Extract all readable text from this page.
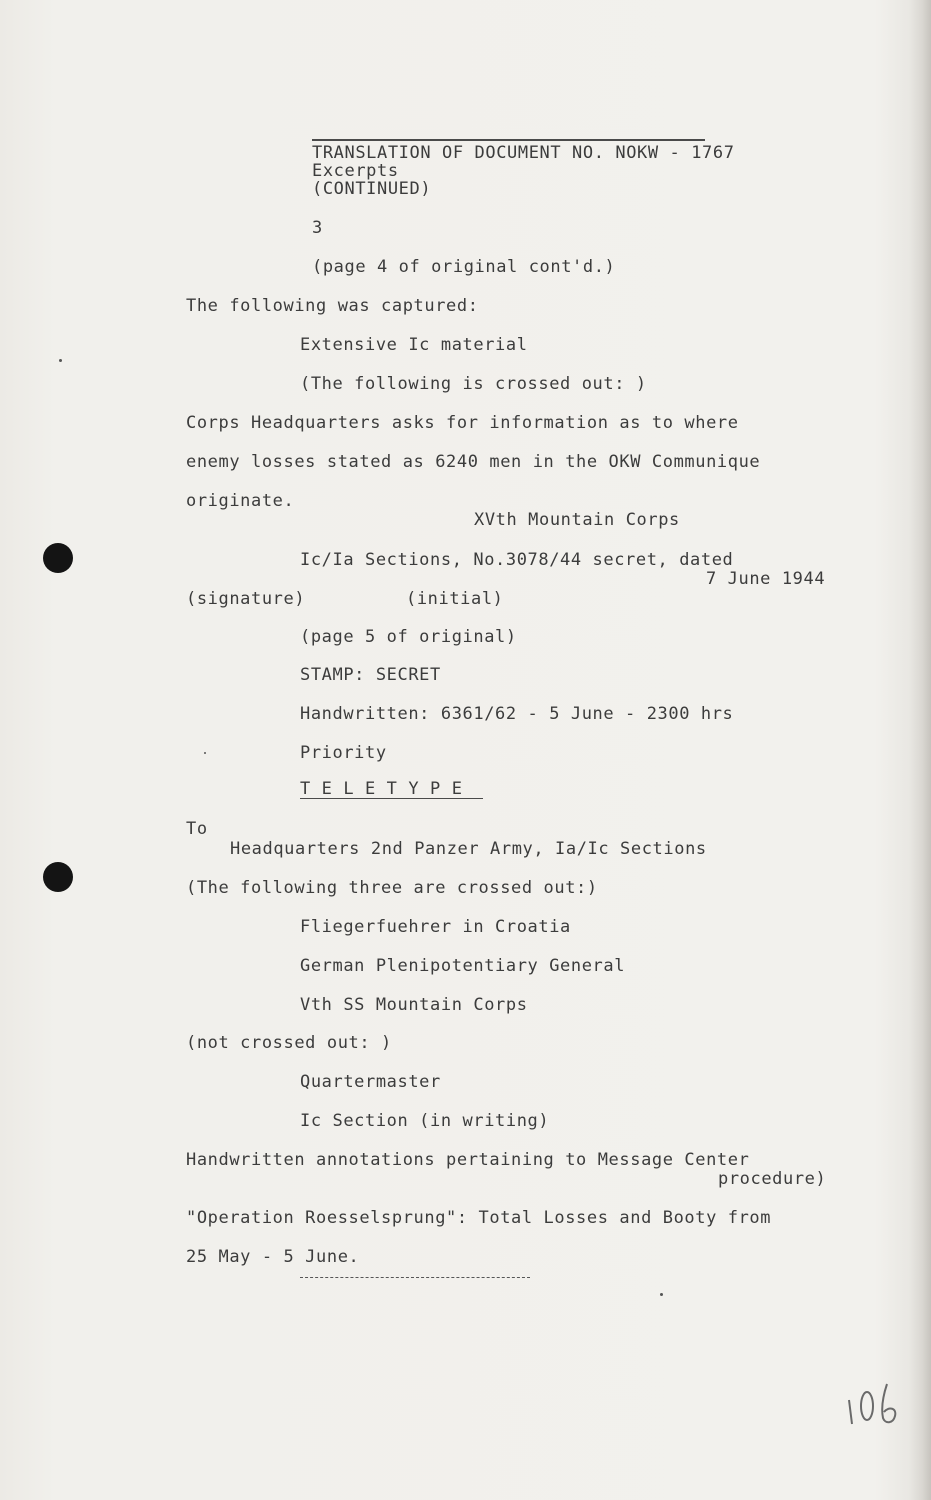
TRANSLATION OF DOCUMENT NO. NOKW - 1767
Excerpts
(CONTINUED)
3
(page 4 of original cont'd.)
The following was captured:
Extensive Ic material
(The following is crossed out: )
Corps Headquarters asks for information as to where
enemy losses stated as 6240 men in the OKW Communique
originate.
XVth Mountain Corps
Ic/Ia Sections, No.3078/44 secret, dated
7 June 1944
(signature)	(initial)
(page 5 of original)
STAMP: SECRET
Handwritten: 6361/62 - 5 June - 2300 hrs
Priority
T E L E T Y P E
To
Headquarters 2nd Panzer Army, Ia/Ic Sections
(The following three are crossed out:)
Fliegerfuehrer in Croatia
German Plenipotentiary General
Vth SS Mountain Corps
(not crossed out: )
Quartermaster
Ic Section (in writing)
Handwritten annotations pertaining to Message Center
procedure)
"Operation Roesselsprung": Total Losses and Booty from
25 May - 5 June.
